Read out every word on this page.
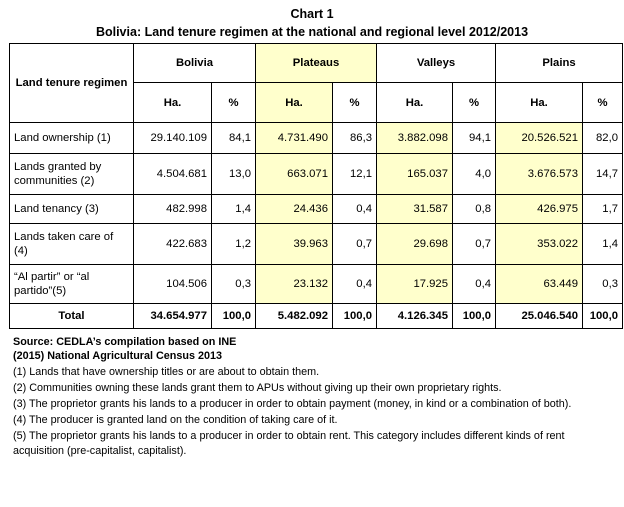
Chart 1
Bolivia: Land tenure regimen at the national and regional level 2012/2013
Land tenure regimen	Bolivia		Plateaus		Valleys		Plains	
	Ha.	%	Ha.	%	Ha.	%	Ha.	%
Land ownership (1)	29.140.109	84,1	4.731.490	86,3	3.882.098	94,1	20.526.521	82,0
Lands granted by communities (2)	4.504.681	13,0	663.071	12,1	165.037	4,0	3.676.573	14,7
Land tenancy (3)	482.998	1,4	24.436	0,4	31.587	0,8	426.975	1,7
Lands taken care of (4)	422.683	1,2	39.963	0,7	29.698	0,7	353.022	1,4
“Al partir” or “al partido”(5)	104.506	0,3	23.132	0,4	17.925	0,4	63.449	0,3
Total	34.654.977	100,0	5.482.092	100,0	4.126.345	100,0	25.046.540	100,0
Source: CEDLA’s compilation based on INE
(2015) National Agricultural Census 2013
(1) Lands that have ownership titles or are about to obtain them.
(2) Communities owning these lands grant them to APUs without giving up their own proprietary rights.
(3) The proprietor grants his lands to a producer in order to obtain payment (money, in kind or a combination of both).
(4) The producer is granted land on the condition of taking care of it.
(5) The proprietor grants his lands to a producer in order to obtain rent. This category includes different kinds of rent acquisition (pre-capitalist, capitalist).
